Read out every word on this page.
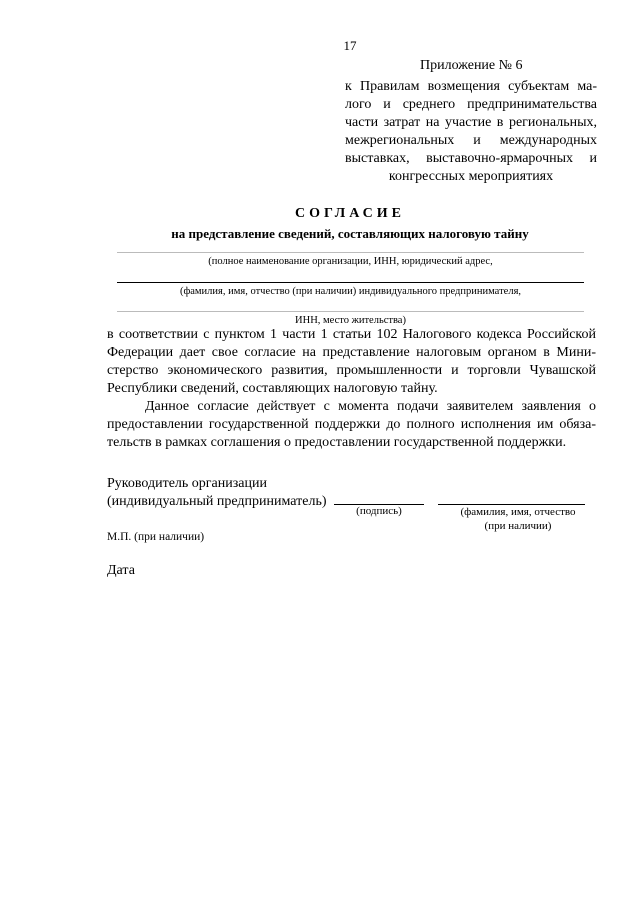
17
Приложение № 6
к Правилам возмещения субъектам ма-
лого и среднего предпринимательства
части затрат на участие в региональных,
межрегиональных и международных
выставках, выставочно-ярмарочных и
конгрессных мероприятиях
СОГЛАСИЕ
на представление сведений, составляющих налоговую тайну
(полное наименование организации, ИНН, юридический адрес,
(фамилия, имя, отчество (при наличии) индивидуального предпринимателя,
ИНН, место жительства)
в соответствии с пунктом 1 части 1 статьи 102 Налогового кодекса Российской
Федерации дает свое согласие на представление налоговым органом в Мини-
стерство экономического развития, промышленности и торговли Чувашской
Республики сведений, составляющих налоговую тайну.
Данное согласие действует с момента подачи заявителем заявления о
предоставлении государственной поддержки до полного исполнения им обяза-
тельств в рамках соглашения о предоставлении государственной поддержки.
Руководитель организации
(индивидуальный предприниматель)
(подпись)	(фамилия, имя, отчество
(при наличии)
М.П. (при наличии)
Дата
